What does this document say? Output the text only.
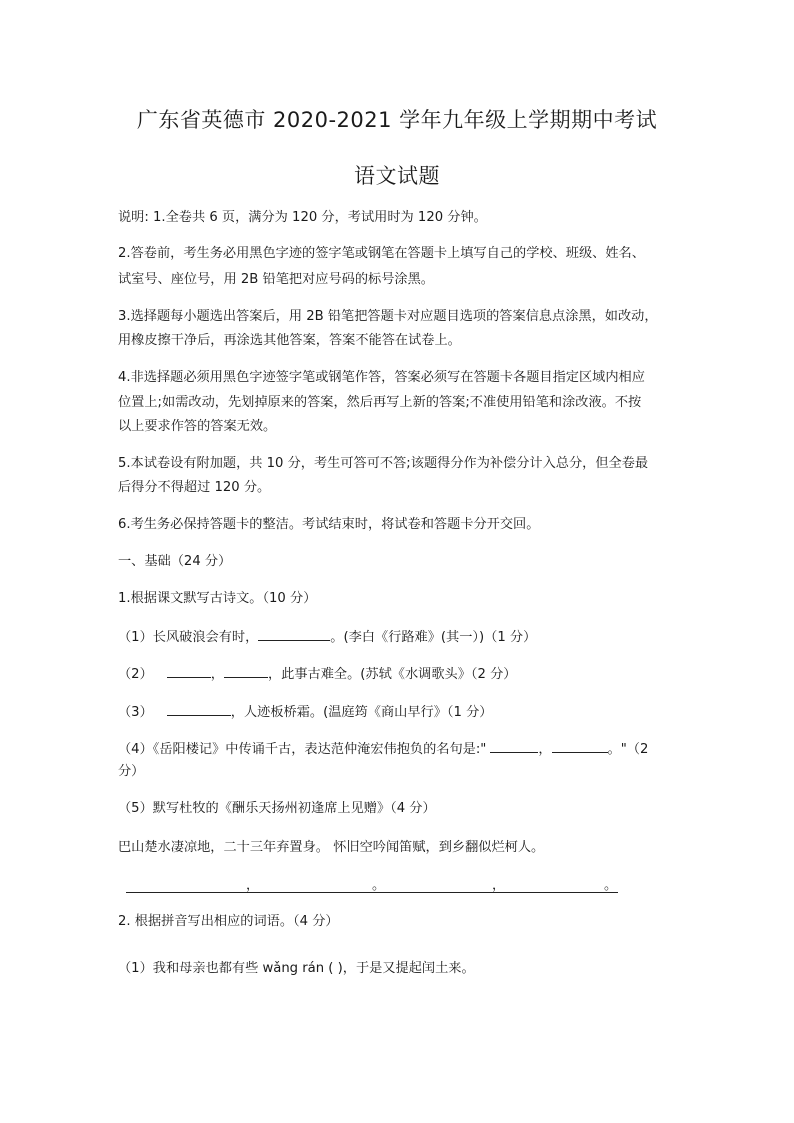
广东省英德市 2020-2021 学年九年级上学期期中考试
语文试题
说明: 1.全卷共 6 页，满分为 120 分，考试用时为 120 分钟。
2.答卷前，考生务必用黑色字迹的签字笔或钢笔在答题卡上填写自己的学校、班级、姓名、
试室号、座位号，用 2B 铅笔把对应号码的标号涂黑。
3.选择题每小题选出答案后，用 2B 铅笔把答题卡对应题目选项的答案信息点涂黑，如改动，
用橡皮擦干净后，再涂选其他答案，答案不能答在试卷上。
4.非选择题必须用黑色字迹签字笔或钢笔作答，答案必须写在答题卡各题目指定区域内相应
位置上;如需改动，先划掉原来的答案，然后再写上新的答案;不准使用铅笔和涂改液。不按
以上要求作答的答案无效。
5.本试卷设有附加题，共 10 分，考生可答可不答;该题得分作为补偿分计入总分，但全卷最
后得分不得超过 120 分。
6.考生务必保持答题卡的整洁。考试结束时，将试卷和答题卡分开交回。
一、基础（24 分）
1.根据课文默写古诗文。（10 分）
（1）长风破浪会有时，	。(李白《行路难》(其一）)（1 分）
（2）	，	，此事古难全。(苏轼《水调歌头》（2 分）
（3）	，人迹板桥霜。(温庭筠《商山早行》（1 分）
（4）《岳阳楼记》中传诵千古，表达范仲淹宏伟抱负的名句是:"	，	。"（2
分）
（5）默写杜牧的《酬乐天扬州初逢席上见赠》（4 分）
巴山楚水凄凉地，二十三年弃置身。 怀旧空吟闻笛赋，到乡翻似烂柯人。
，	。	，	。
2. 根据拼音写出相应的词语。（4 分）
（1）我和母亲也都有些 wǎng rán ( )，于是又提起闰土来。
